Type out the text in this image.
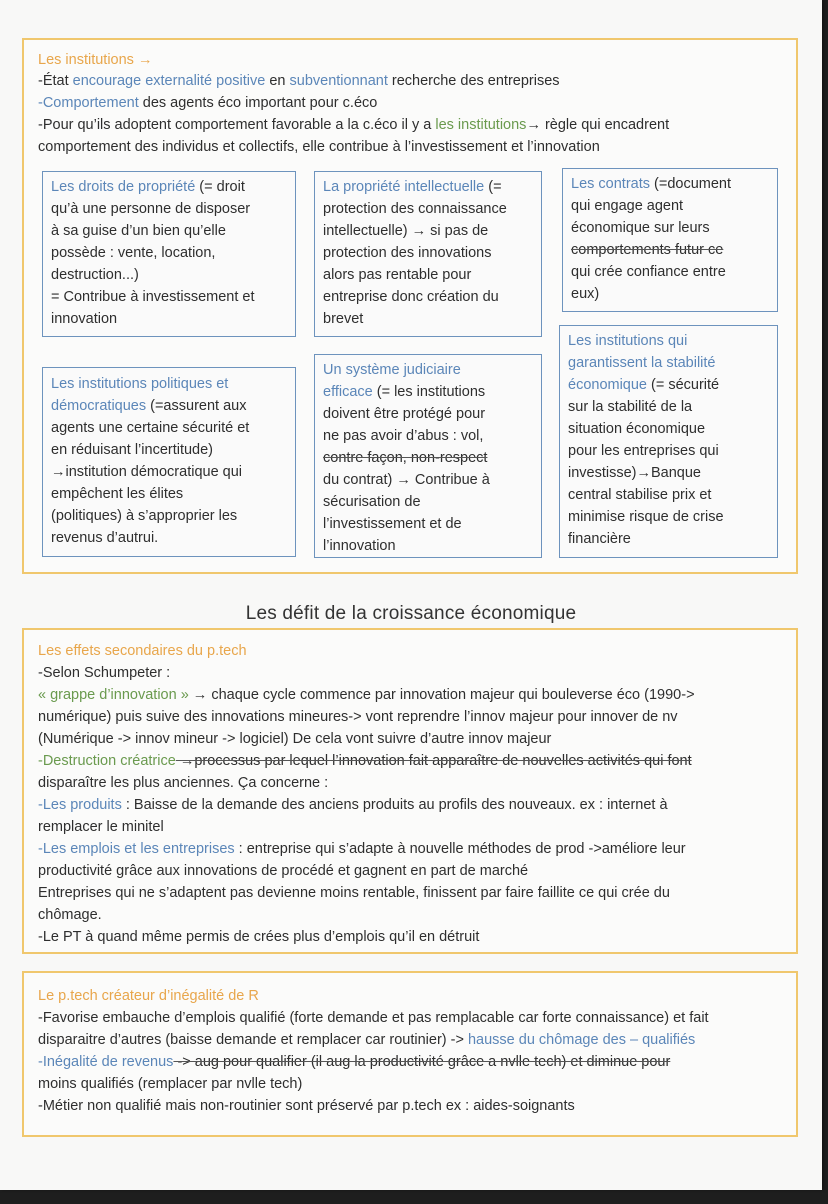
Les institutions →
-État encourage externalité positive en subventionnant recherche des entreprises
-Comportement des agents éco important pour c.éco
-Pour qu’ils adoptent comportement favorable a la c.éco il y a les institutions→ règle qui encadrent
comportement des individus et collectifs, elle contribue à l’investissement et l’innovation
Les droits de propriété (= droit
qu’à une personne de disposer
à sa guise d’un bien qu’elle
possède : vente, location,
destruction...)
= Contribue à investissement et
innovation
La propriété intellectuelle (=
protection des connaissance
intellectuelle) → si pas de
protection des innovations
alors pas rentable pour
entreprise donc création du
brevet
Les contrats (=document
qui engage agent
économique sur leurs
comportements futur ce
qui crée confiance entre
eux)
Les institutions politiques et
démocratiques (=assurent aux
agents une certaine sécurité et
en réduisant l’incertitude)
→institution démocratique qui
empêchent les élites
(politiques) à s’approprier les
revenus d’autrui.
Un système judiciaire
efficace (= les institutions
doivent être protégé pour
ne pas avoir d’abus : vol,
contre façon, non-respect
du contrat) → Contribue à
sécurisation de
l’investissement et de
l’innovation
Les institutions qui
garantissent la stabilité
économique (= sécurité
sur la stabilité de la
situation économique
pour les entreprises qui
investisse)→Banque
central stabilise prix et
minimise risque de crise
financière
Les défit de la croissance économique
Les effets secondaires du p.tech
-Selon Schumpeter :
« grappe d’innovation » → chaque cycle commence par innovation majeur qui bouleverse éco (1990->
numérique) puis suive des innovations mineures-> vont reprendre l’innov majeur pour innover de nv
(Numérique -> innov mineur -> logiciel) De cela vont suivre d’autre innov majeur
-Destruction créatrice →processus par lequel l’innovation fait apparaître de nouvelles activités qui font
disparaître les plus anciennes. Ça concerne :
-Les produits : Baisse de la demande des anciens produits au profils des nouveaux. ex : internet à
remplacer le minitel
-Les emplois et les entreprises : entreprise qui s’adapte à nouvelle méthodes de prod ->améliore leur
productivité grâce aux innovations de procédé et gagnent en part de marché
Entreprises qui ne s’adaptent pas devienne moins rentable, finissent par faire faillite ce qui crée du
chômage.
-Le PT à quand même permis de crées plus d’emplois qu’il en détruit
Le p.tech créateur d’inégalité de R
-Favorise embauche d’emplois qualifié (forte demande et pas remplacable car forte connaissance) et fait
disparaitre d’autres (baisse demande et remplacer car routinier) -> hausse du chômage des – qualifiés
-Inégalité de revenus -> aug pour qualifier (il aug la productivité grâce a nvlle tech) et diminue pour
moins qualifiés (remplacer par nvlle tech)
-Métier non qualifié mais non-routinier sont préservé par p.tech ex : aides-soignants
